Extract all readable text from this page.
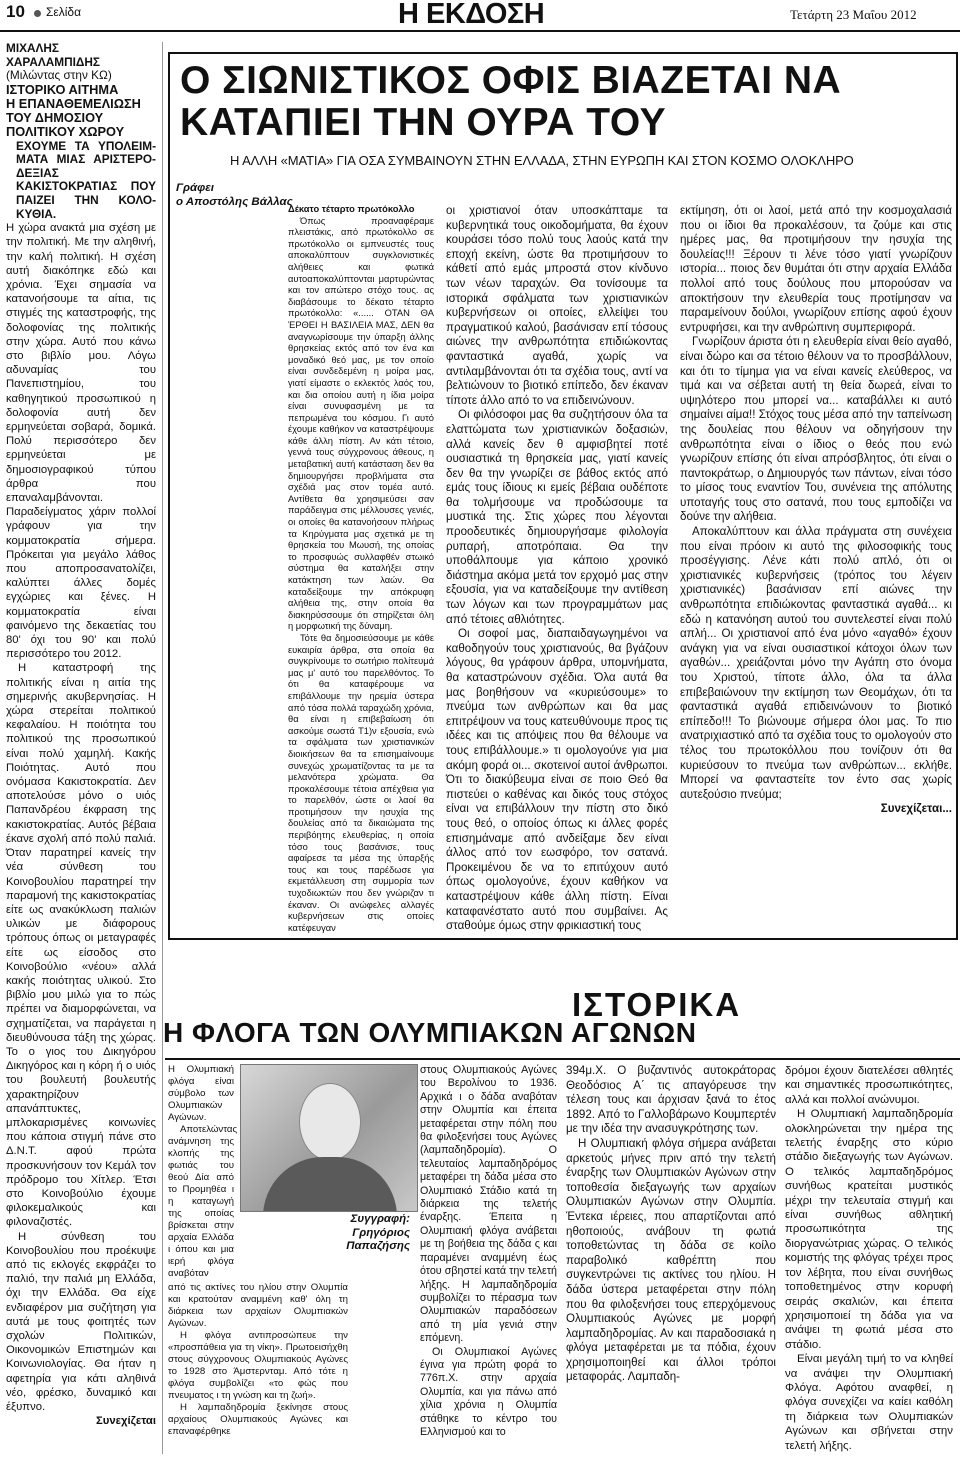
10 Σελίδα	Η ΕΚΔΟΣΗ	Τετάρτη 23 Μαΐου 2012
ΜΙΧΑΛΗΣ
ΧΑΡΑΛΑΜΠΙΔΗΣ
(Μιλώντας στην ΚΩ)
ΙΣΤΟΡΙΚΟ ΑΙΤΗΜΑ
Η ΕΠΑΝΑΘΕΜΕΛΙΩΣΗ
ΤΟΥ ΔΗΜΟΣΙΟΥ
ΠΟΛΙΤΙΚΟΥ ΧΩΡΟΥ
ΕΧΟΥΜΕ ΤΑ ΥΠΟΛΕΙΜ-ΜΑΤΑ ΜΙΑΣ ΑΡΙΣΤΕΡΟ-ΔΕΞΙΑΣ ΚΑΚΙΣΤΟΚΡΑΤΙΑΣ ΠΟΥ ΠΑΙΖΕΙ ΤΗΝ ΚΟΛΟ-ΚΥΘΙΑ.

Η χώρα ανακτά μια σχέση με την πολιτική. Με την αληθινή, την καλή πολιτική. Η σχέση αυτή διακόπηκε εδώ και χρόνια. Έχει σημασία να κατανοήσουμε τα αίτια, τις στιγμές της καταστροφής, της δολοφονίας της πολιτικής στην χώρα. Αυτό που κάνω στο βιβλίο μου. Λόγω αδυναμίας του Πανεπιστημίου, του καθηγητικού προσωπικού η δολοφονία αυτή δεν ερμηνεύεται σοβαρά, δομικά. Πολύ περισσότερο δεν ερμηνεύεται με δημοσιογραφικού τύπου άρθρα που επαναλαμβάνονται. Παραδείγματος χάριν πολλοί γράφουν για την κομματοκρατία σήμερα. Πρόκειται για μεγάλο λάθος που αποπροσανατολίζει, καλύπτει άλλες δομές εγχώριες και ξένες. Η κομματοκρατία είναι φαινόμενο της δεκαετίας του 80' όχι του 90' και πολύ περισσότερο του 2012.

Η καταστροφή της πολιτικής είναι η αιτία της σημερινής ακυβερνησίας. Η χώρα στερείται πολιτικού κεφαλαίου. Η ποιότητα του πολιτικού της προσωπικού είναι πολύ χαμηλή. Κακής Ποιότητας. Αυτό που ονόμασα Κακιστοκρατία. Δεν αποτελούσε μόνο ο υιός Παπανδρέου έκφραση της κακιστοκρατίας. Αυτός βέβαια έκανε σχολή από πολύ παλιά. Όταν παρατηρεί κανείς την νέα σύνθεση του Κοινοβουλίου παρατηρεί την παραμονή της κακιστοκρατίας είτε ως ανακύκλωση παλιών υλικών με διάφορους τρόπους όπως οι μεταγραφές είτε ως είσοδος στο Κοινοβούλιο «νέου» αλλά κακής ποιότητας υλικού. Στο βιβλίο μου μιλώ για το πώς πρέπει να διαμορφώνεται, να σχηματίζεται, να παράγεται η διευθύνουσα τάξη της χώρας. Το ο γιος του Δικηγόρου Δικηγόρος και η κόρη ή ο υιός του βουλευτή βουλευτής χαρακτηρίζουν απανάπτυκτες, μπλοκαρισμένες κοινωνίες που κάποια στιγμή πάνε στο Δ.Ν.Τ. αφού πρώτα προσκυνήσουν τον Κεμάλ τον πρόδρομο του Χίτλερ. Έτσι στο Κοινοβούλιο έχουμε φιλοκεμαλικούς και φιλοναζιστές.

Η σύνθεση του Κοινοβουλίου που προέκυψε από τις εκλογές εκφράζει το παλιό, την παλιά μη Ελλάδα, όχι την Ελλάδα. Θα είχε ενδιαφέρον μια συζήτηση για αυτά με τους φοιτητές των σχολών Πολιτικών, Οικονομικών Επιστημών και Κοινωνιολογίας. Θα ήταν η αφετηρία για κάτι αληθινά νέο, φρέσκο, δυναμικό και έξυπνο.

Συνεχίζεται
Ο ΣΙΩΝΙΣΤΙΚΟΣ ΟΦΙΣ ΒΙΑΖΕΤΑΙ ΝΑ ΚΑΤΑΠΙΕΙ ΤΗΝ ΟΥΡΑ ΤΟΥ
Η ΑΛΛΗ «ΜΑΤΙΑ» ΓΙΑ ΟΣΑ ΣΥΜΒΑΙΝΟΥΝ ΣΤΗΝ ΕΛΛΑΔΑ, ΣΤΗΝ ΕΥΡΩΠΗ ΚΑΙ ΣΤΟΝ ΚΟΣΜΟ ΟΛΟΚΛΗΡΟ
Γράφει
ο Αποστόλης Βάλλας
Δέκατο τέταρτο πρωτόκολλο

Όπως προαναφέραμε πλειστάκις, από πρωτόκολλο σε πρωτόκολλο οι εμπνευστές τους αποκαλύπτουν συγκλονιστικές αλήθειες και φωτικά αυτοαποκαλύπτονται μαρτυρώντας και τον απώτερο στόχο τους. ας διαβάσουμε το δέκατο τέταρτο πρωτόκολλο: «...... ΟΤΑΝ ΘΑ ΈΡΘΕΙ Η ΒΑΣΙΛΕΙΑ ΜΑΣ, ΔΕΝ θα αναγνωρίσουμε την ύπαρξη άλλης θρησκείας εκτός από τον ένα και μοναδικό θεό μας, με τον οποίο είναι συνδεδεμένη η μοίρα μας, γιατί είμαστε ο εκλεκτός λαός του, και δια οποίου αυτή η ίδια μοίρα είναι συνυφασμένη με τα πεπρωμένα του κόσμου. Γι αυτό έχουμε καθήκον να καταστρέψουμε κάθε άλλη πίστη. Αν κάτι τέτοιο, γεννά τους σύγχρονους άθεους, η μεταβατική αυτή κατάσταση δεν θα δημιουργήσει προβλήματα στα σχέδιά μας στον τομέα αυτό. Αντίθετα θα χρησιμεύσει σαν παράδειγμα στις μέλλουσες γενιές, οι οποίες θα κατανοήσουν πλήρως τα Κηρύγματα μας σχετικά με τη θρησκεία του Μωυσή, της οποίας το προσφυώς συλλαφθέν στωικό σύστημα θα καταλήξει στην κατάκτηση των λαών. Θα καταδείξουμε την απόκρυφη αλήθεια της, στην οποία θα διακηρύσσουμε ότι στηρίζεται όλη η μορφωτική της δύναμη.

Τότε θα δημοσιεύσουμε με κάθε ευκαιρία άρθρα, στα οποία θα συγκρίνουμε το σωτήριο πολίτευμά μας μ' αυτό του παρελθόντος. Το ότι θα καταφέρουμε να επιβάλλουμε την ηρεμία ύστερα από τόσα πολλά ταραχώδη χρόνια, θα είναι η επιβεβαίωση ότι ασκούμε σωστά Τ1)ν εξουσία, ενώ τα σφάλματα των χριστιανικών διοικήσεων θα τα επισημαίνουμε συνεχώς χρωματίζοντας τα με τα μελανότερα χρώματα. Θα προκαλέσουμε τέτοια απέχθεια για το παρελθόν, ώστε οι λαοί θα προτιμήσουν την ησυχία της δουλείας από τα δικαιώματα της περιβόητης ελευθερίας, η οποία τόσο τους βασάνισε, τους αφαίρεσε τα μέσα της ύπαρξής τους και τους παρέδωσε για εκμετάλλευση στη συμμορία των τυχοδιωκτών που δεν γνώριζαν τι έκαναν. Οι ανώφελες αλλαγές κυβερνήσεων στις οποίες κατέφευγαν

οι χριστιανοί όταν υποσκάπταμε τα κυβερνητικά τους οικοδομήματα, θα έχουν κουράσει τόσο πολύ τους λαούς κατά την εποχή εκείνη, ώστε θα προτιμήσουν το κάθετί από εμάς μπροστά στον κίνδυνο των νέων ταραχών. Θα τονίσουμε τα ιστορικά σφάλματα των χριστιανικών κυβερνήσεων οι οποίες, ελλείψει του πραγματικού καλού, βασάνισαν επί τόσους αιώνες την ανθρωπότητα επιδιώκοντας φανταστικά αγαθά, χωρίς να αντιλαμβάνονται ότι τα σχέδια τους, αντί να βελτιώνουν το βιοτικό επίπεδο, δεν έκαναν τίποτε άλλο από το να επιδεινώνουν.

Οι φιλόσοφοι μας θα συζητήσουν όλα τα ελαττώματα των χριστιανικών δοξασιών, αλλά κανείς δεν θ αμφισβητεί ποτέ ουσιαστικά τη θρησκεία μας, γιατί κανείς δεν θα την γνωρίζει σε βάθος εκτός από εμάς τους ίδιους κι εμείς βέβαια ουδέποτε θα τολμήσουμε να προδώσουμε τα μυστικά της. Στις χώρες που λέγονται προοδευτικές δημιουργήσαμε φιλολογία ρυπαρή, αποτρόπαια. Θα την υποθάλπουμε για κάποιο χρονικό διάστημα ακόμα μετά τον ερχομό μας στην εξουσία, για να καταδείξουμε την αντίθεση των λόγων και των προγραμμάτων μας από τέτοιες αθλιότητες.

Οι σοφοί μας, διαπαιδαγωγημένοι να καθοδηγούν τους χριστιανούς, θα βγάζουν λόγους, θα γράφουν άρθρα, υπομνήματα, θα καταστρώνουν σχέδια. Όλα αυτά θα μας βοηθήσουν να «κυριεύσουμε» το πνεύμα των ανθρώπων και θα μας επιτρέψουν να τους κατευθύνουμε προς τις ιδέες και τις απόψεις που θα θέλουμε να τους επιβάλλουμε.» τι ομολογούνε για μια ακόμη φορά οι... σκοτεινοί αυτοί άνθρωποι. Ότι το διακύβευμα είναι σε ποιο Θεό θα πιστεύει ο καθένας και δικός τους στόχος είναι να επιβάλλουν την πίστη στο δικό τους θεό, ο οποίος όπως κι άλλες φορές επισημάναμε από ανδείξαμε δεν είναι άλλος από τον εωσφόρο, τον σατανά. Προκειμένου δε να το επιτύχουν αυτό όπως ομολογούνε, έχουν καθήκον να καταστρέψουν κάθε άλλη πίστη. Είναι καταφανέστατο αυτό που συμβαίνει. Ας σταθούμε όμως στην φρικιαστική τους

εκτίμηση, ότι οι λαοί, μετά από την κοσμοχαλασιά που οι ίδιοι θα προκαλέσουν, τα ζούμε και στις ημέρες μας, θα προτιμήσουν την ησυχία της δουλείας!!! Ξέρουν τι λένε τόσο γιατί γνωρίζουν ιστορία... ποιος δεν θυμάται ότι στην αρχαία Ελλάδα πολλοί από τους δούλους που μπορούσαν να αποκτήσουν την ελευθερία τους προτίμησαν να παραμείνουν δούλοι, γνωρίζουν επίσης αφού έχουν εντρυφήσει, και την ανθρώπινη συμπεριφορά.

Γνωρίζουν άριστα ότι η ελευθερία είναι θείο αγαθό, είναι δώρο και σα τέτοιο θέλουν να το προσβάλλουν, και ότι το τίμημα για να είναι κανείς ελεύθερος, να τιμά και να σέβεται αυτή τη θεία δωρεά, είναι το υψηλότερο που μπορεί να... καταβάλλει κι αυτό σημαίνει αίμα!! Στόχος τους μέσα από την ταπείνωση της δουλείας που θέλουν να οδηγήσουν την ανθρωπότητα είναι ο ίδιος ο θεός που ενώ γνωρίζουν επίσης ότι είναι απρόσβλητος, ότι είναι ο παντοκράτωρ, ο Δημιουργός των πάντων, είναι τόσο το μίσος τους εναντίον Του, συνένεια της απόλυτης υποταγής τους στο σατανά, που τους εμποδίζει να δούνε την αλήθεια.

Αποκαλύπτουν και άλλα πράγματα στη συνέχεια που είναι πρόοιν κι αυτό της φιλοσοφικής τους προσέγγισης. Λένε κάτι πολύ απλό, ότι οι χριστιανικές κυβερνήσεις (τρόπος του λέγειν χριστιανικές) βασάνισαν επί αιώνες την ανθρωπότητα επιδιώκοντας φανταστικά αγαθά... κι εδώ η κατανόηση αυτού του συντελεστεί είναι πολύ απλή... Οι χριστιανοί από ένα μόνο «αγαθό» έχουν ανάγκη για να είναι ουσιαστικοί κάτοχοι όλων των αγαθών... χρειάζονται μόνο την Αγάπη στο όνομα του Χριστού, τίποτε άλλο, όλα τα άλλα επιβεβαιώνουν την εκτίμηση των Θεομάχων, ότι τα φανταστικά αγαθά επιδεινώνουν το βιοτικό επίπεδο!!! Το βιώνουμε σήμερα όλοι μας. Το πιο ανατριχιαστικό από τα σχέδια τους το ομολογούν στο τέλος του πρωτοκόλλου που τονίζουν ότι θα κυριεύσουν το πνεύμα των ανθρώπων... εκλήθε. Μπορεί να φανταστείτε τον έντο σας χωρίς αυτεξούσιο πνεύμα;

Συνεχίζεται...
ΙΣΤΟΡΙΚΑ
Η ΦΛΟΓΑ ΤΩΝ ΟΛΥΜΠΙΑΚΩΝ ΑΓΩΝΩΝ

Η Ολυμπιακή φλόγα είναι σύμβολο των Ολυμπιακών Αγώνων.

Αποτελώντας ανάμνηση της κλοπής της φωτιάς του θεού Δία από το Προμηθέα ι η καταγωγή της οποίας βρίσκεται στην αρχαία Ελλάδα ι όπου και μια ιερή φλόγα αναβόταν

από τις ακτίνες του ηλίου στην Ολυμπία και κρατούταν αναμμένη καθ' όλη τη διάρκεια των αρχαίων Ολυμπιακών Αγώνων.

Η φλόγα αντιπροσώπευε την «προσπάθεια για τη νίκη». Πρωτοεισήχθη στους σύγχρονους Ολυμπιακούς Αγώνες το 1928 στο Άμστερνταμ. Από τότε η φλόγα συμβολίζει «το φώς που πνευματος ι τη γνώση και τη ζωή».

Η λαμπαδηδρομία ξεκίνησε στους αρχαίους Ολυμπιακούς Αγώνες και επαναφέρθηκε

Συγγραφή:
Γρηγόριος
Παπαζήσης

στους Ολυμπιακούς Αγώνες του Βερολίνου το 1936. Αρχικά ι ο δάδα αναβόταν στην Ολυμπία και έπειτα μεταφέρεται στην πόλη που θα φιλοξενήσει τους Αγώνες (λαμπαδηδρομία). Ο τελευταίος λαμπαδηδρόμος μεταφέρει τη δάδα μέσα στο Ολυμπιακό Στάδιο κατά τη διάρκεια της τελετής έναρξης. Έπειτα η Ολυμπιακή φλόγα ανάβεται με τη βοήθεια της δάδα ς και παραμένει αναμμένη έως ότου σβηστεί κατά την τελετή λήξης. Η λαμπαδηδρομία συμβολίζει το πέρασμα των Ολυμπιακών παραδόσεων από τη μία γενιά στην επόμενη.

Οι Ολυμπιακοί Αγώνες έγινα για πρώτη φορά το 776π.Χ. στην αρχαία Ολυμπία, και για πάνω από χίλια χρόνια η Ολυμπία στάθηκε το κέντρο του Ελληνισμού και το

394μ.Χ. Ο βυζαντινός αυτοκράτορας Θεοδόσιος Α΄ τις απαγόρευσε την τέλεση τους και άρχισαν ξανά το έτος 1892. Από το Γαλλοβάρωνο Κουμπερτέν με την ιδέα την ανασυγκρότησης των.

Η Ολυμπιακή φλόγα σήμερα ανάβεται αρκετούς μήνες πριν από την τελετή έναρξης των Ολυμπιακών Αγώνων στην τοποθεσία διεξαγωγής των αρχαίων Ολυμπιακών Αγώνων στην Ολυμπία. Έντεκα ιέρειες, που απαρτίζονται από ηθοποιούς, ανάβουν τη φωτιά τοποθετώντας τη δάδα σε κοίλο παραβολικό καθρέπτη που συγκεντρώνει τις ακτίνες του ηλίου. Η δάδα ύστερα μεταφέρεται στην πόλη που θα φιλοξενήσει τους επερχόμενους Ολυμπιακούς Αγώνες με μορφή λαμπαδηδρομίας. Αν και παραδοσιακά η φλόγα μεταφέρεται με τα πόδια, έχουν χρησιμοποιηθεί και άλλοι τρόποι μεταφοράς. Λαμπαδη-

δρόμοι έχουν διατελέσει αθλητές και σημαντικές προσωπικότητες, αλλά και πολλοί ανώνυμοι.

Η Ολυμπιακή λαμπαδηδρομία ολοκληρώνεται την ημέρα της τελετής έναρξης στο κύριο στάδιο διεξαγωγής των Αγώνων. Ο τελικός λαμπαδηδρόμος συνήθως κρατείται μυστικός μέχρι την τελευταία στιγμή και είναι συνήθως αθλητική προσωπικότητα της διοργανώτριας χώρας. Ο τελικός κομιστής της φλόγας τρέχει προς τον λέβητα, που είναι συνήθως τοποθετημένος στην κορυφή σειράς σκαλιών, και έπειτα χρησιμοποιεί τη δάδα για να ανάψει τη φωτιά μέσα στο στάδιο.

Είναι μεγάλη τιμή το να κληθεί να ανάψει την Ολυμπιακή Φλόγα. Αφότου αναφθεί, η φλόγα συνεχίζει να καίει καθόλη τη διάρκεια των Ολυμπιακών Αγώνων και σβήνεται στην τελετή λήξης.
